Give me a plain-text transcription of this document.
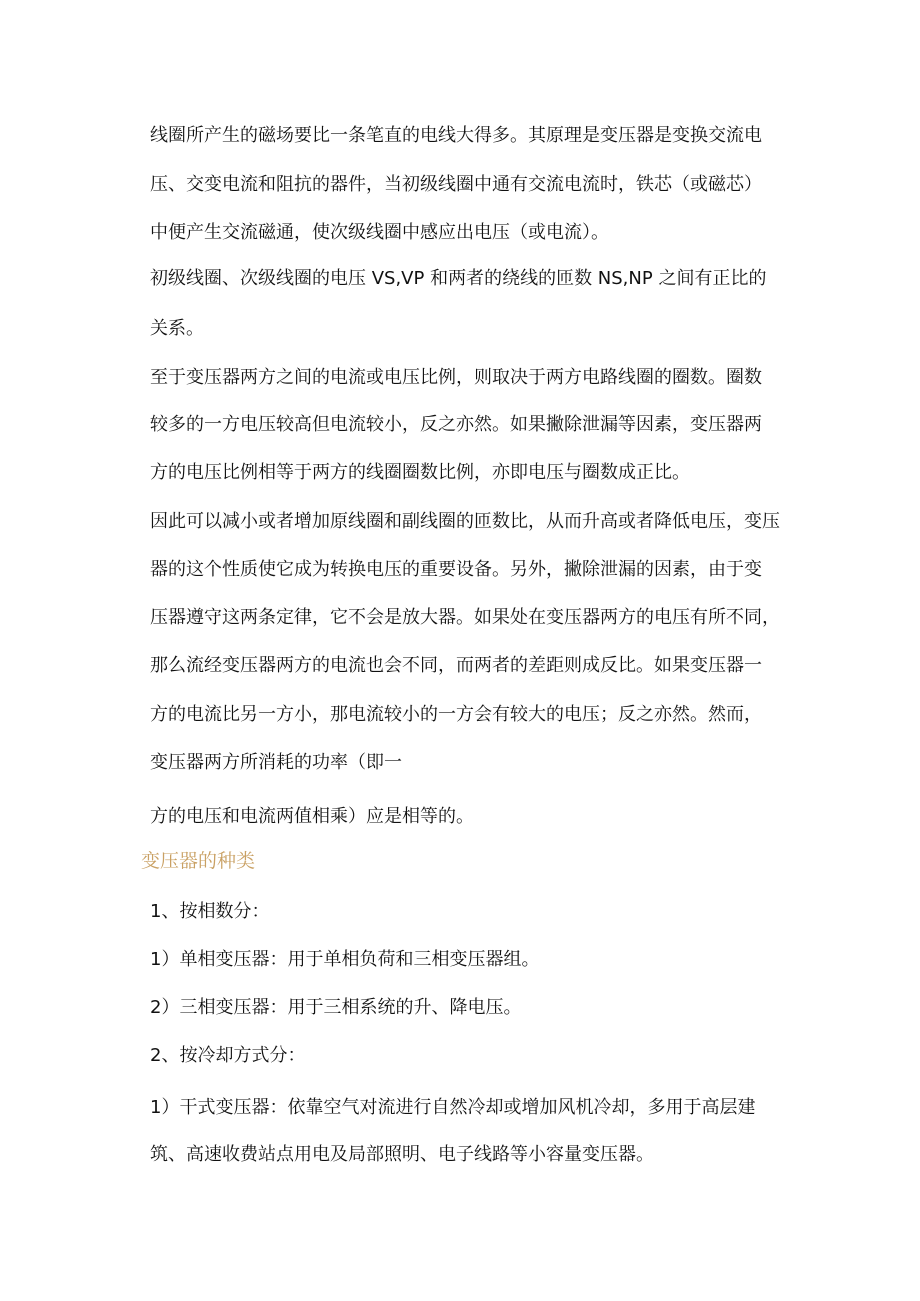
线圈所产生的磁场要比一条笔直的电线大得多。其原理是变压器是变换交流电
压、交变电流和阻抗的器件，当初级线圈中通有交流电流时，铁芯（或磁芯）
中便产生交流磁通，使次级线圈中感应出电压（或电流）。
初级线圈、次级线圈的电压 VS,VP 和两者的绕线的匝数 NS,NP 之间有正比的
关系。
至于变压器两方之间的电流或电压比例，则取决于两方电路线圈的圈数。圈数
较多的一方电压较高但电流较小，反之亦然。如果撇除泄漏等因素，变压器两
方的电压比例相等于两方的线圈圈数比例，亦即电压与圈数成正比。
因此可以减小或者增加原线圈和副线圈的匝数比，从而升高或者降低电压，变压
器的这个性质使它成为转换电压的重要设备。另外，撇除泄漏的因素，由于变
压器遵守这两条定律，它不会是放大器。如果处在变压器两方的电压有所不同，
那么流经变压器两方的电流也会不同，而两者的差距则成反比。如果变压器一
方的电流比另一方小，那电流较小的一方会有较大的电压；反之亦然。然而，
变压器两方所消耗的功率（即一
方的电压和电流两值相乘）应是相等的。
变压器的种类
1、按相数分：
1）单相变压器：用于单相负荷和三相变压器组。
2）三相变压器：用于三相系统的升、降电压。
2、按冷却方式分：
1）干式变压器：依靠空气对流进行自然冷却或增加风机冷却，多用于高层建
筑、高速收费站点用电及局部照明、电子线路等小容量变压器。
